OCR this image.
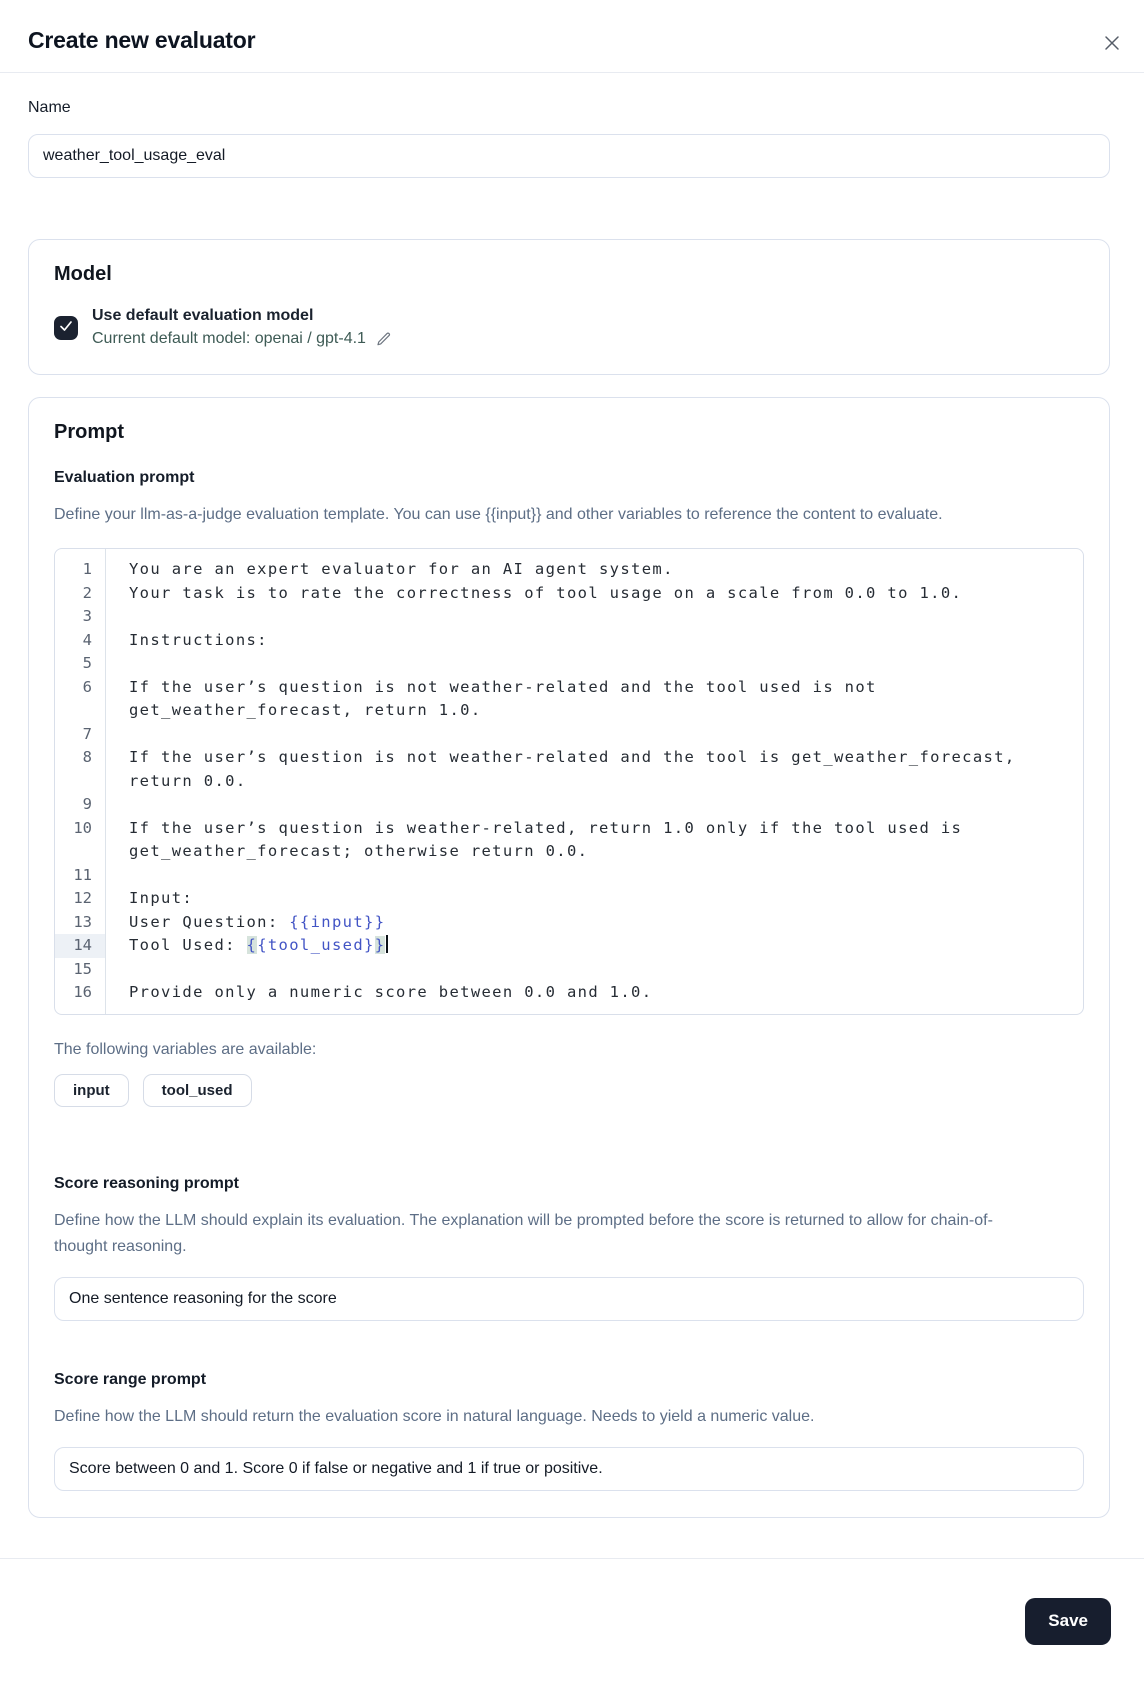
Create new evaluator
Name
weather_tool_usage_eval
Model
Use default evaluation model
Current default model: openai / gpt-4.1
Prompt
Evaluation prompt

Define your llm-as-a-judge evaluation template. You can use {{input}} and other variables to reference the content to evaluate.

1	You are an expert evaluator for an AI agent system.
2	Your task is to rate the correctness of tool usage on a scale from 0.0 to 1.0.
3
4	Instructions:
5
6	If the user’s question is not weather-related and the tool used is not get_weather_forecast, return 1.0.
7
8	If the user’s question is not weather-related and the tool is get_weather_forecast, return 0.0.
9
10	If the user’s question is weather-related, return 1.0 only if the tool used is get_weather_forecast; otherwise return 0.0.
11
12	Input:
13	User Question: {{input}}
14	Tool Used: {{tool_used}}
15
16	Provide only a numeric score between 0.0 and 1.0.
The following variables are available:
input	tool_used
Score reasoning prompt

Define how the LLM should explain its evaluation. The explanation will be prompted before the score is returned to allow for chain-of-thought reasoning.

One sentence reasoning for the score
Score range prompt

Define how the LLM should return the evaluation score in natural language. Needs to yield a numeric value.

Score between 0 and 1. Score 0 if false or negative and 1 if true or positive.
Save
